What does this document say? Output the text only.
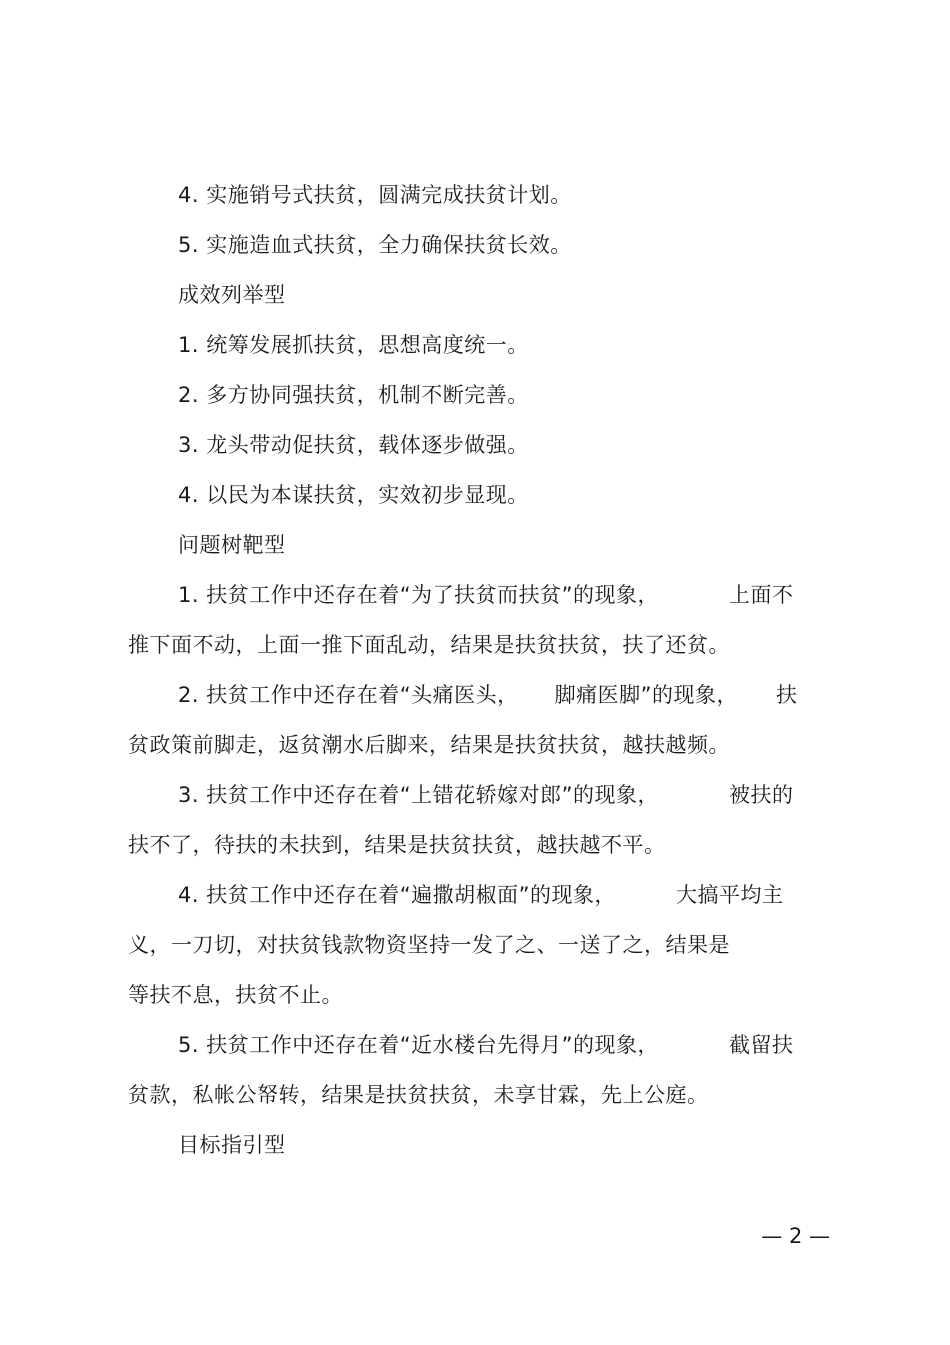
4. 实施销号式扶贫，圆满完成扶贫计划。
5. 实施造血式扶贫，全力确保扶贫长效。
成效列举型
1. 统筹发展抓扶贫，思想高度统一。
2. 多方协同强扶贫，机制不断完善。
3. 龙头带动促扶贫，载体逐步做强。
4. 以民为本谋扶贫，实效初步显现。
问题树靶型
1. 扶贫工作中还存在着“为了扶贫而扶贫”的现象，	上面不
推下面不动，上面一推下面乱动，结果是扶贫扶贫，扶了还贫。
2. 扶贫工作中还存在着“头痛医头， 脚痛医脚”的现象， 扶
贫政策前脚走，返贫潮水后脚来，结果是扶贫扶贫，越扶越频。
3. 扶贫工作中还存在着“上错花轿嫁对郎”的现象，	被扶的
扶不了，待扶的未扶到，结果是扶贫扶贫，越扶越不平。
4. 扶贫工作中还存在着“遍撒胡椒面”的现象，	大搞平均主
义，一刀切，对扶贫钱款物资坚持一发了之、一送了之，结果是
等扶不息，扶贫不止。
5. 扶贫工作中还存在着“近水楼台先得月”的现象，	截留扶
贫款，私帐公帑转，结果是扶贫扶贫，未享甘霖，先上公庭。
目标指引型
— 2 —
